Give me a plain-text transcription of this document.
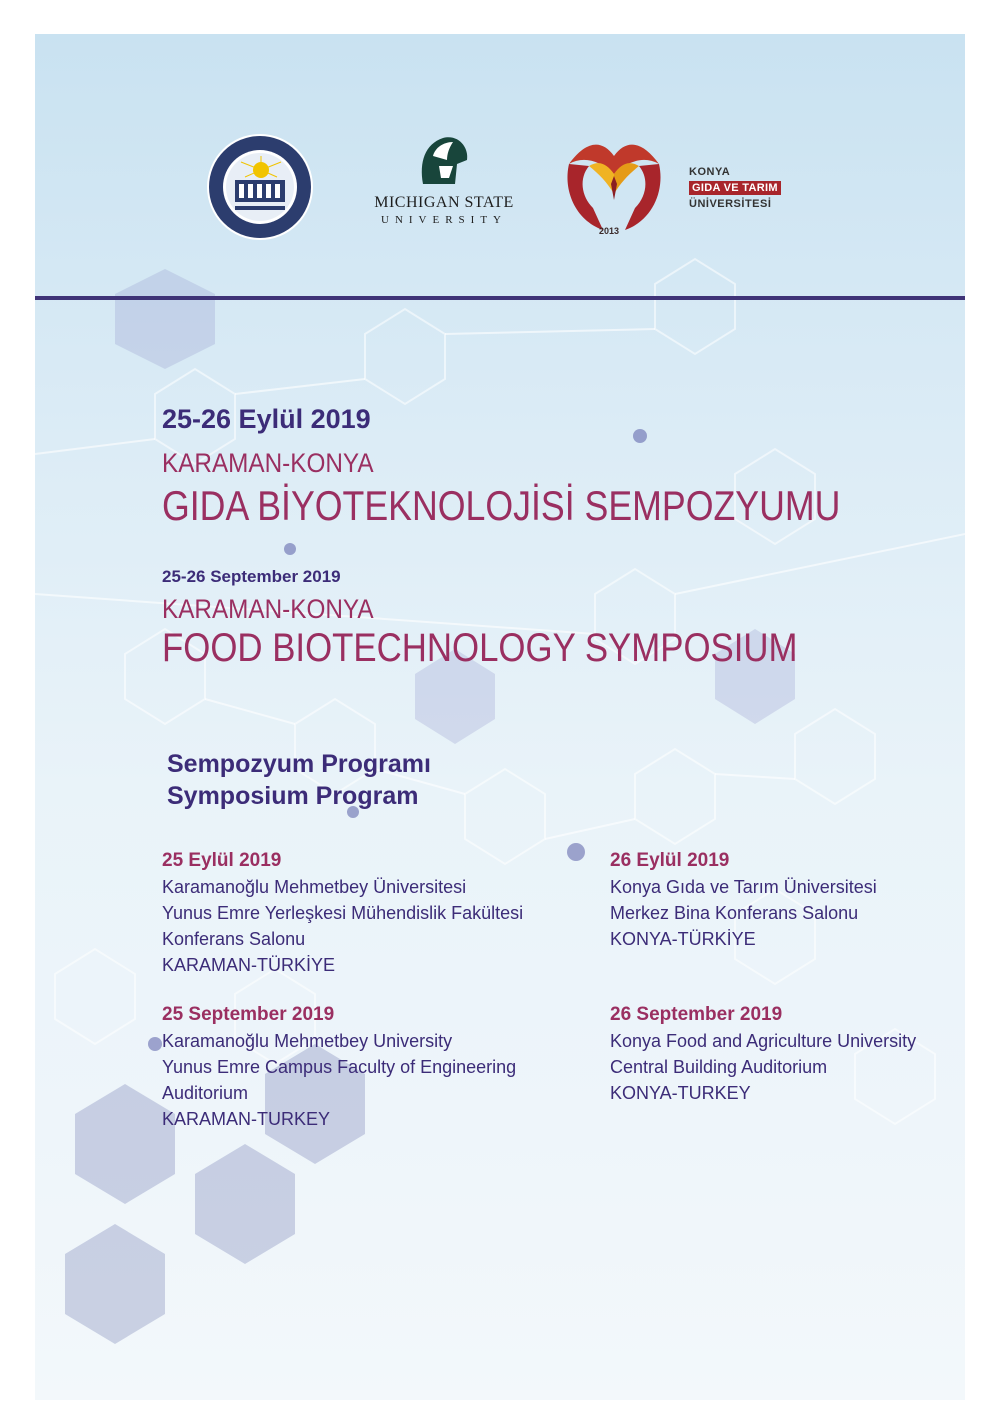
MICHIGAN STATE
UNIVERSITY
2013
KONYA
GIDA VE TARIM
ÜNİVERSİTESİ

25-26 Eylül 2019

KARAMAN-KONYA

GIDA BİYOTEKNOLOJİSİ SEMPOZYUMU

25-26 September 2019

KARAMAN-KONYA

FOOD BIOTECHNOLOGY SYMPOSIUM

Sempozyum Programı

Symposium Program

25 Eylül 2019
Karamanoğlu Mehmetbey Üniversitesi
Yunus Emre Yerleşkesi Mühendislik Fakültesi
Konferans Salonu
KARAMAN-TÜRKİYE
26 Eylül 2019
Konya Gıda ve Tarım Üniversitesi
Merkez Bina Konferans Salonu
KONYA-TÜRKİYE
25 September 2019
Karamanoğlu Mehmetbey University
Yunus Emre Campus Faculty of Engineering
Auditorium
KARAMAN-TURKEY
26 September 2019
Konya Food and Agriculture University
Central Building Auditorium
KONYA-TURKEY
